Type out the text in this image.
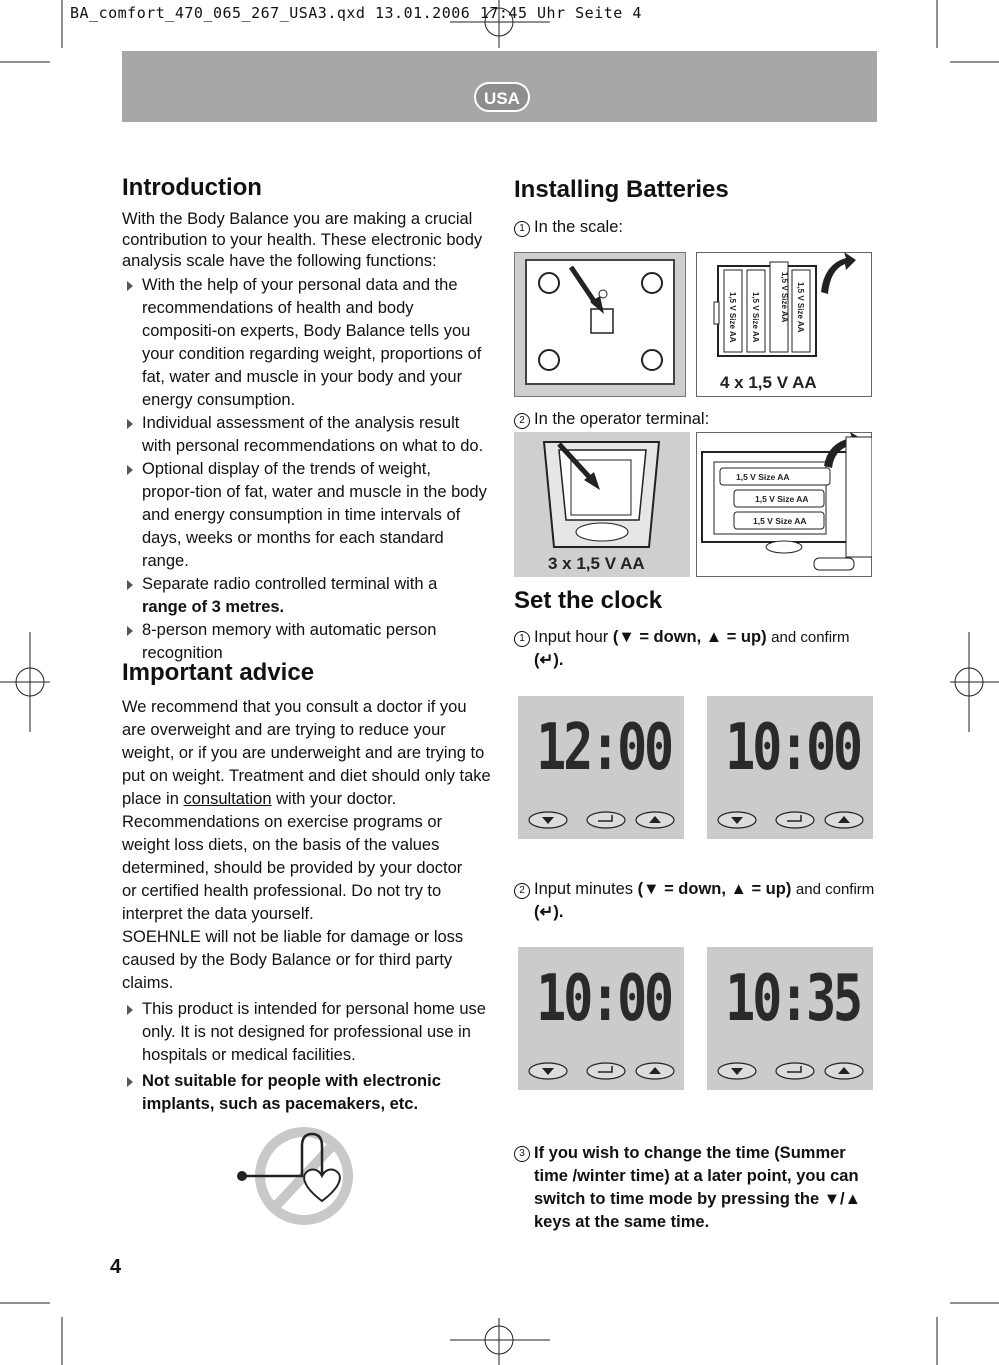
BA_comfort_470_065_267_USA3.qxd 13.01.2006 17:45 Uhr Seite 4
USA
Introduction

With the Body Balance you are making a crucial contribution to your health. These electronic body analysis scale have the following functions:

With the help of your personal data and the recommendations of health and body compositi-on experts, Body Balance tells you your condition regarding weight, proportions of fat, water and muscle in your body and your energy consumption.
Individual assessment of the analysis result with personal recommendations on what to do.
Optional display of the trends of weight, propor-tion of fat, water and muscle in the body and energy consumption in time intervals of days, weeks or months for each standard range.
Separate radio controlled terminal with a
range of 3 metres.
8-person memory with automatic person recognition
Important advice

We recommend that you consult a doctor if you are overweight and are trying to reduce your weight, or if you are underweight and are trying to put on weight. Treatment and diet should only take place in consultation with your doctor.

Recommendations on exercise programs or weight loss diets, on the basis of the values determined, should be provided by your doctor

or certified health professional. Do not try to interpret the data yourself.

SOEHNLE will not be liable for damage or loss caused by the Body Balance or for third party claims.

This product is intended for personal home use only. It is not designed for professional use in hospitals or medical facilities.
Not suitable for people with electronic implants, such as pacemakers, etc.
Installing Batteries
1 In the scale:
1,5 V Size AA 1,5 V Size AA	1,5 V Size AA 1,5 V Size AA
4 x 1,5 V AA
2 In the operator terminal:
3 x 1,5 V AA
1,5 V Size AA
1,5 V Size AA
1,5 V Size AA
Set the clock
1 Input hour (▼ = down, ▲ = up) and confirm
(↵).
12:00 10:00
2 Input minutes (▼ = down, ▲ = up) and confirm
(↵).
10:00 10:35
3 If you wish to change the time (Summer time /winter time) at a later point, you can switch to time mode by pressing the ▼/▲ keys at the same time.
4
